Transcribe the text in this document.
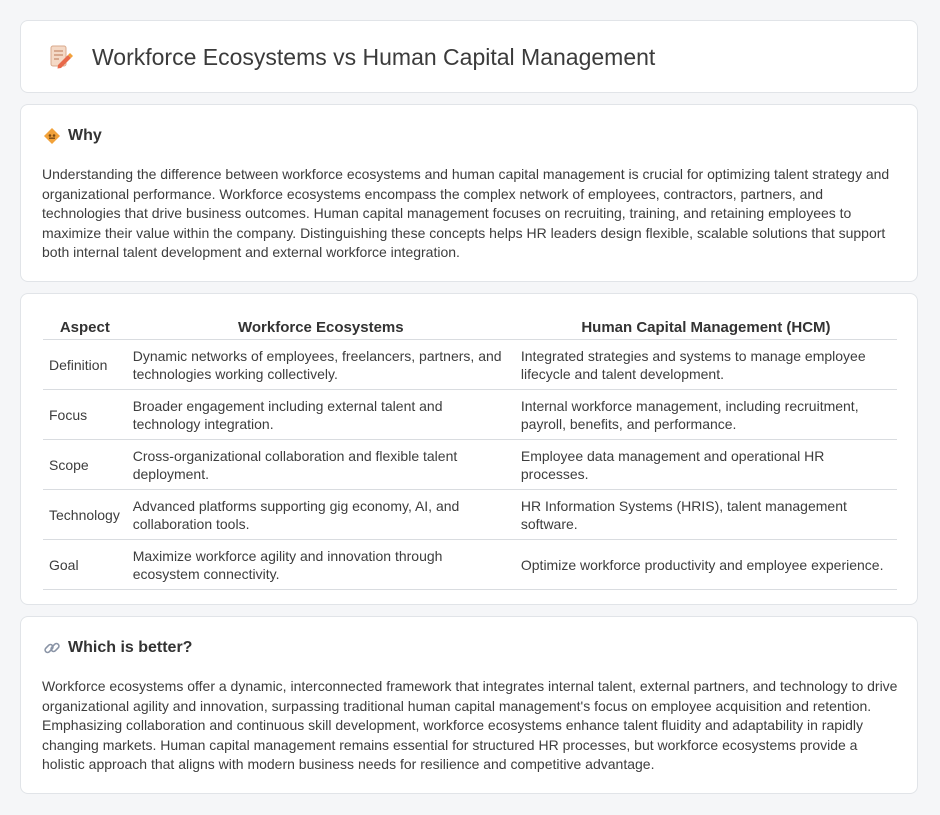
Workforce Ecosystems vs Human Capital Management
Why

Understanding the difference between workforce ecosystems and human capital management is crucial for optimizing talent strategy and organizational performance. Workforce ecosystems encompass the complex network of employees, contractors, partners, and technologies that drive business outcomes. Human capital management focuses on recruiting, training, and retaining employees to maximize their value within the company. Distinguishing these concepts helps HR leaders design flexible, scalable solutions that support both internal talent development and external workforce integration.

Aspect	Workforce Ecosystems	Human Capital Management (HCM)
Definition	Dynamic networks of employees, freelancers, partners, and technologies working collectively.	Integrated strategies and systems to manage employee lifecycle and talent development.
Focus	Broader engagement including external talent and technology integration.	Internal workforce management, including recruitment, payroll, benefits, and performance.
Scope	Cross-organizational collaboration and flexible talent deployment.	Employee data management and operational HR processes.
Technology	Advanced platforms supporting gig economy, AI, and collaboration tools.	HR Information Systems (HRIS), talent management software.
Goal	Maximize workforce agility and innovation through ecosystem connectivity.	Optimize workforce productivity and employee experience.
Which is better?

Workforce ecosystems offer a dynamic, interconnected framework that integrates internal talent, external partners, and technology to drive organizational agility and innovation, surpassing traditional human capital management's focus on employee acquisition and retention. Emphasizing collaboration and continuous skill development, workforce ecosystems enhance talent fluidity and adaptability in rapidly changing markets. Human capital management remains essential for structured HR processes, but workforce ecosystems provide a holistic approach that aligns with modern business needs for resilience and competitive advantage.
